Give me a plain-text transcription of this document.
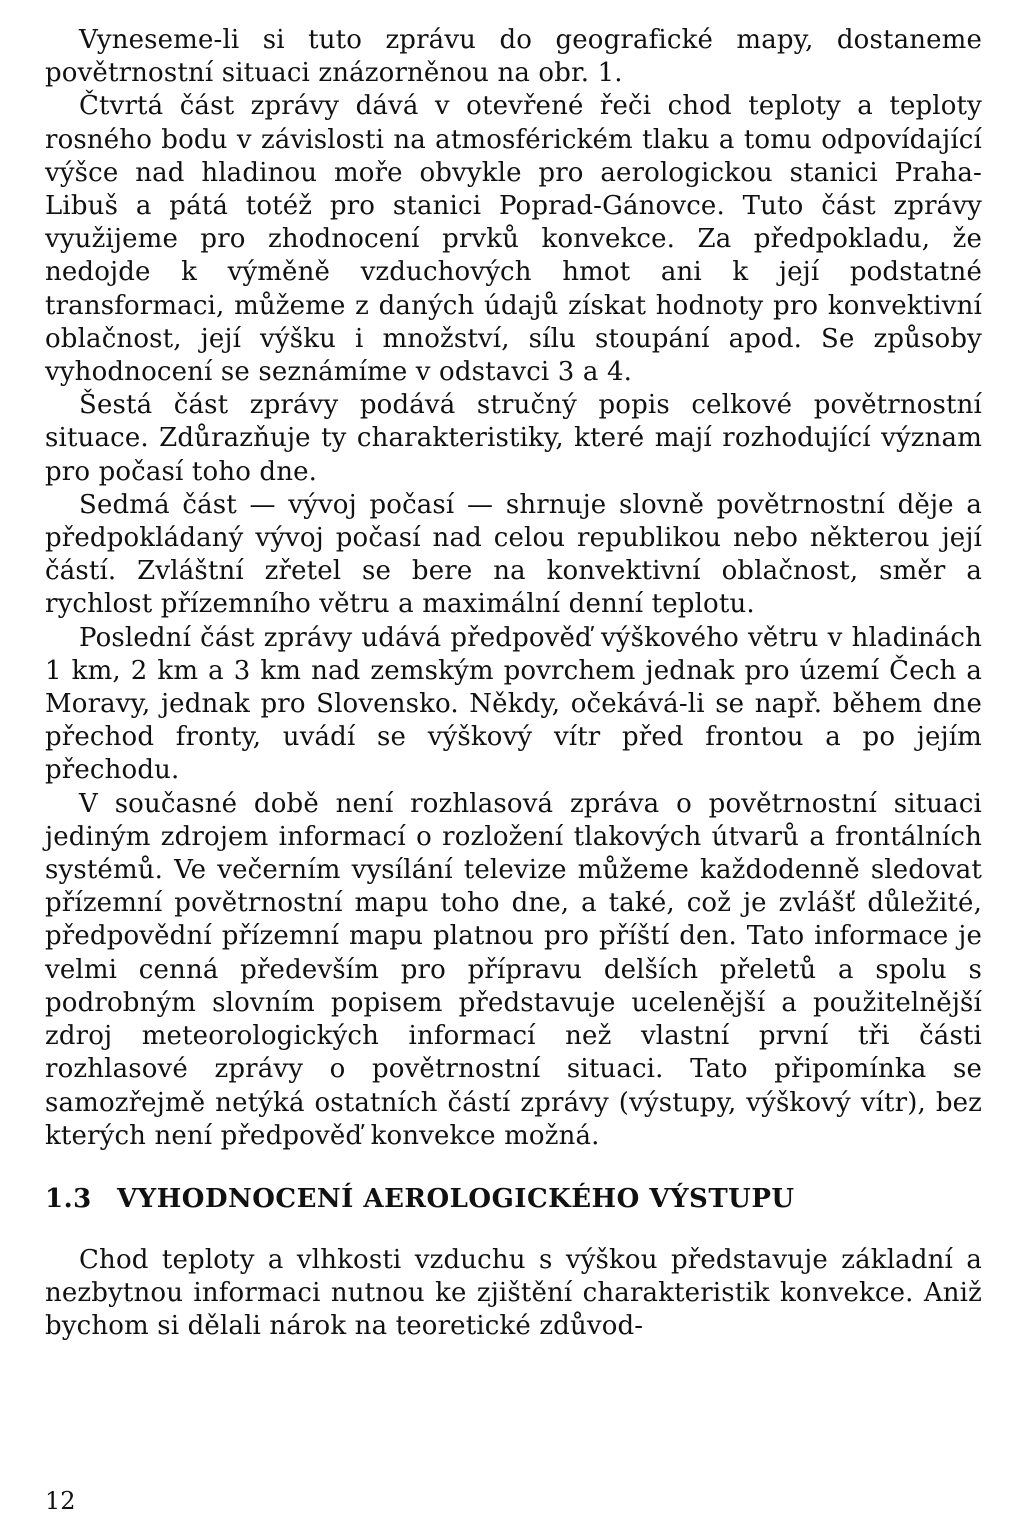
Vyneseme-li si tuto zprávu do geografické mapy, dostaneme povětrnostní situaci znázorněnou na obr. 1.

Čtvrtá část zprávy dává v otevřené řeči chod teploty a teploty rosného bodu v závislosti na atmosférickém tlaku a tomu odpovídající výšce nad hladinou moře obvykle pro aerologickou stanici Praha-Libuš a pátá totéž pro stanici Poprad-Gánovce. Tuto část zprávy využijeme pro zhodnocení prvků konvekce. Za předpokladu, že nedojde k výměně vzduchových hmot ani k její podstatné transformaci, můžeme z daných údajů získat hodnoty pro konvektivní oblačnost, její výšku i množství, sílu stoupání apod. Se způsoby vyhodnocení se seznámíme v odstavci 3 a 4.

Šestá část zprávy podává stručný popis celkové povětrnostní situace. Zdůrazňuje ty charakteristiky, které mají rozhodující význam pro počasí toho dne.

Sedmá část — vývoj počasí — shrnuje slovně povětrnostní děje a předpokládaný vývoj počasí nad celou republikou nebo některou její částí. Zvláštní zřetel se bere na konvektivní oblačnost, směr a rychlost přízemního větru a maximální denní teplotu.

Poslední část zprávy udává předpověď výškového větru v hladinách 1 km, 2 km a 3 km nad zemským povrchem jednak pro území Čech a Moravy, jednak pro Slovensko. Někdy, očekává-li se např. během dne přechod fronty, uvádí se výškový vítr před frontou a po jejím přechodu.

V současné době není rozhlasová zpráva o povětrnostní situaci jediným zdrojem informací o rozložení tlakových útvarů a frontálních systémů. Ve večerním vysílání televize můžeme každodenně sledovat přízemní povětrnostní mapu toho dne, a také, což je zvlášť důležité, předpovědní přízemní mapu platnou pro příští den. Tato informace je velmi cenná především pro přípravu delších přeletů a spolu s podrobným slovním popisem představuje ucelenější a použitelnější zdroj meteorologických informací než vlastní první tři části rozhlasové zprávy o povětrnostní situaci. Tato připomínka se samozřejmě netýká ostatních částí zprávy (výstupy, výškový vítr), bez kterých není předpověď konvekce možná.

1.3 VYHODNOCENÍ AEROLOGICKÉHO VÝSTUPU

Chod teploty a vlhkosti vzduchu s výškou představuje základní a nezbytnou informaci nutnou ke zjištění charakteristik konvekce. Aniž bychom si dělali nárok na teoretické zdůvod-

12
